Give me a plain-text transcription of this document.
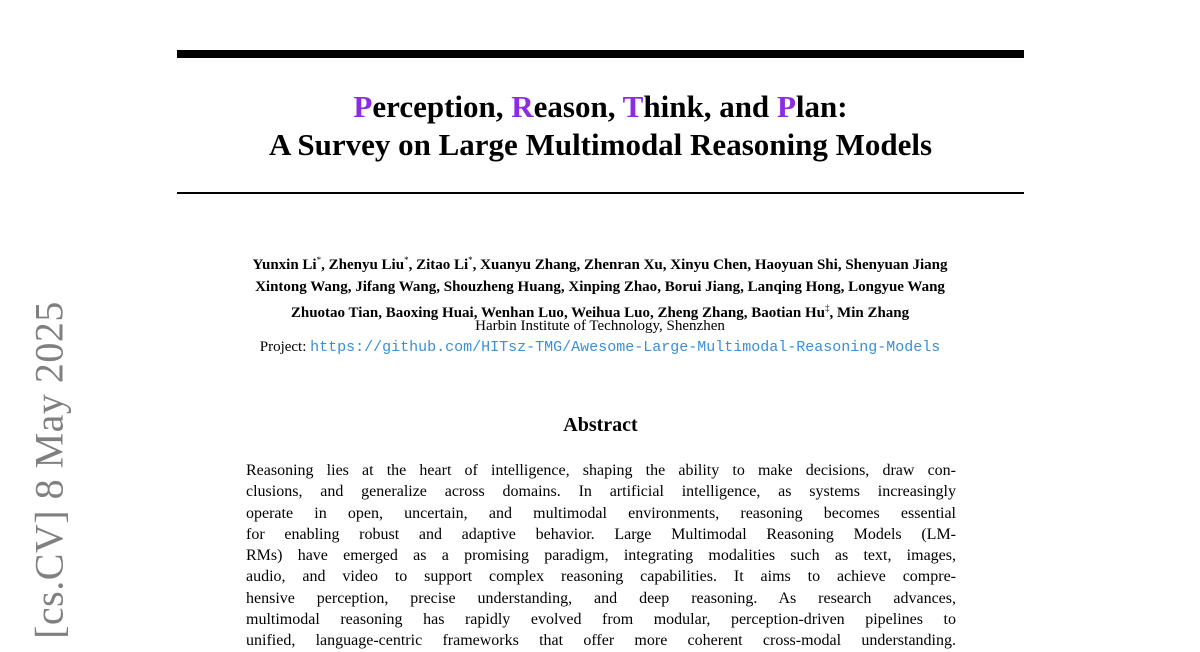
[cs.CV] 8 May 2025
Perception, Reason, Think, and Plan:
A Survey on Large Multimodal Reasoning Models
Yunxin Li*, Zhenyu Liu*, Zitao Li*, Xuanyu Zhang, Zhenran Xu, Xinyu Chen, Haoyuan Shi, Shenyuan Jiang
Xintong Wang, Jifang Wang, Shouzheng Huang, Xinping Zhao, Borui Jiang, Lanqing Hong, Longyue Wang
Zhuotao Tian, Baoxing Huai, Wenhan Luo, Weihua Luo, Zheng Zhang, Baotian Hu‡, Min Zhang
Harbin Institute of Technology, Shenzhen
Project: https://github.com/HITsz-TMG/Awesome-Large-Multimodal-Reasoning-Models
Abstract
Reasoning lies at the heart of intelligence, shaping the ability to make decisions, draw con-
clusions, and generalize across domains. In artificial intelligence, as systems increasingly
operate in open, uncertain, and multimodal environments, reasoning becomes essential
for enabling robust and adaptive behavior. Large Multimodal Reasoning Models (LM-
RMs) have emerged as a promising paradigm, integrating modalities such as text, images,
audio, and video to support complex reasoning capabilities. It aims to achieve compre-
hensive perception, precise understanding, and deep reasoning. As research advances,
multimodal reasoning has rapidly evolved from modular, perception-driven pipelines to
unified, language-centric frameworks that offer more coherent cross-modal understanding.
